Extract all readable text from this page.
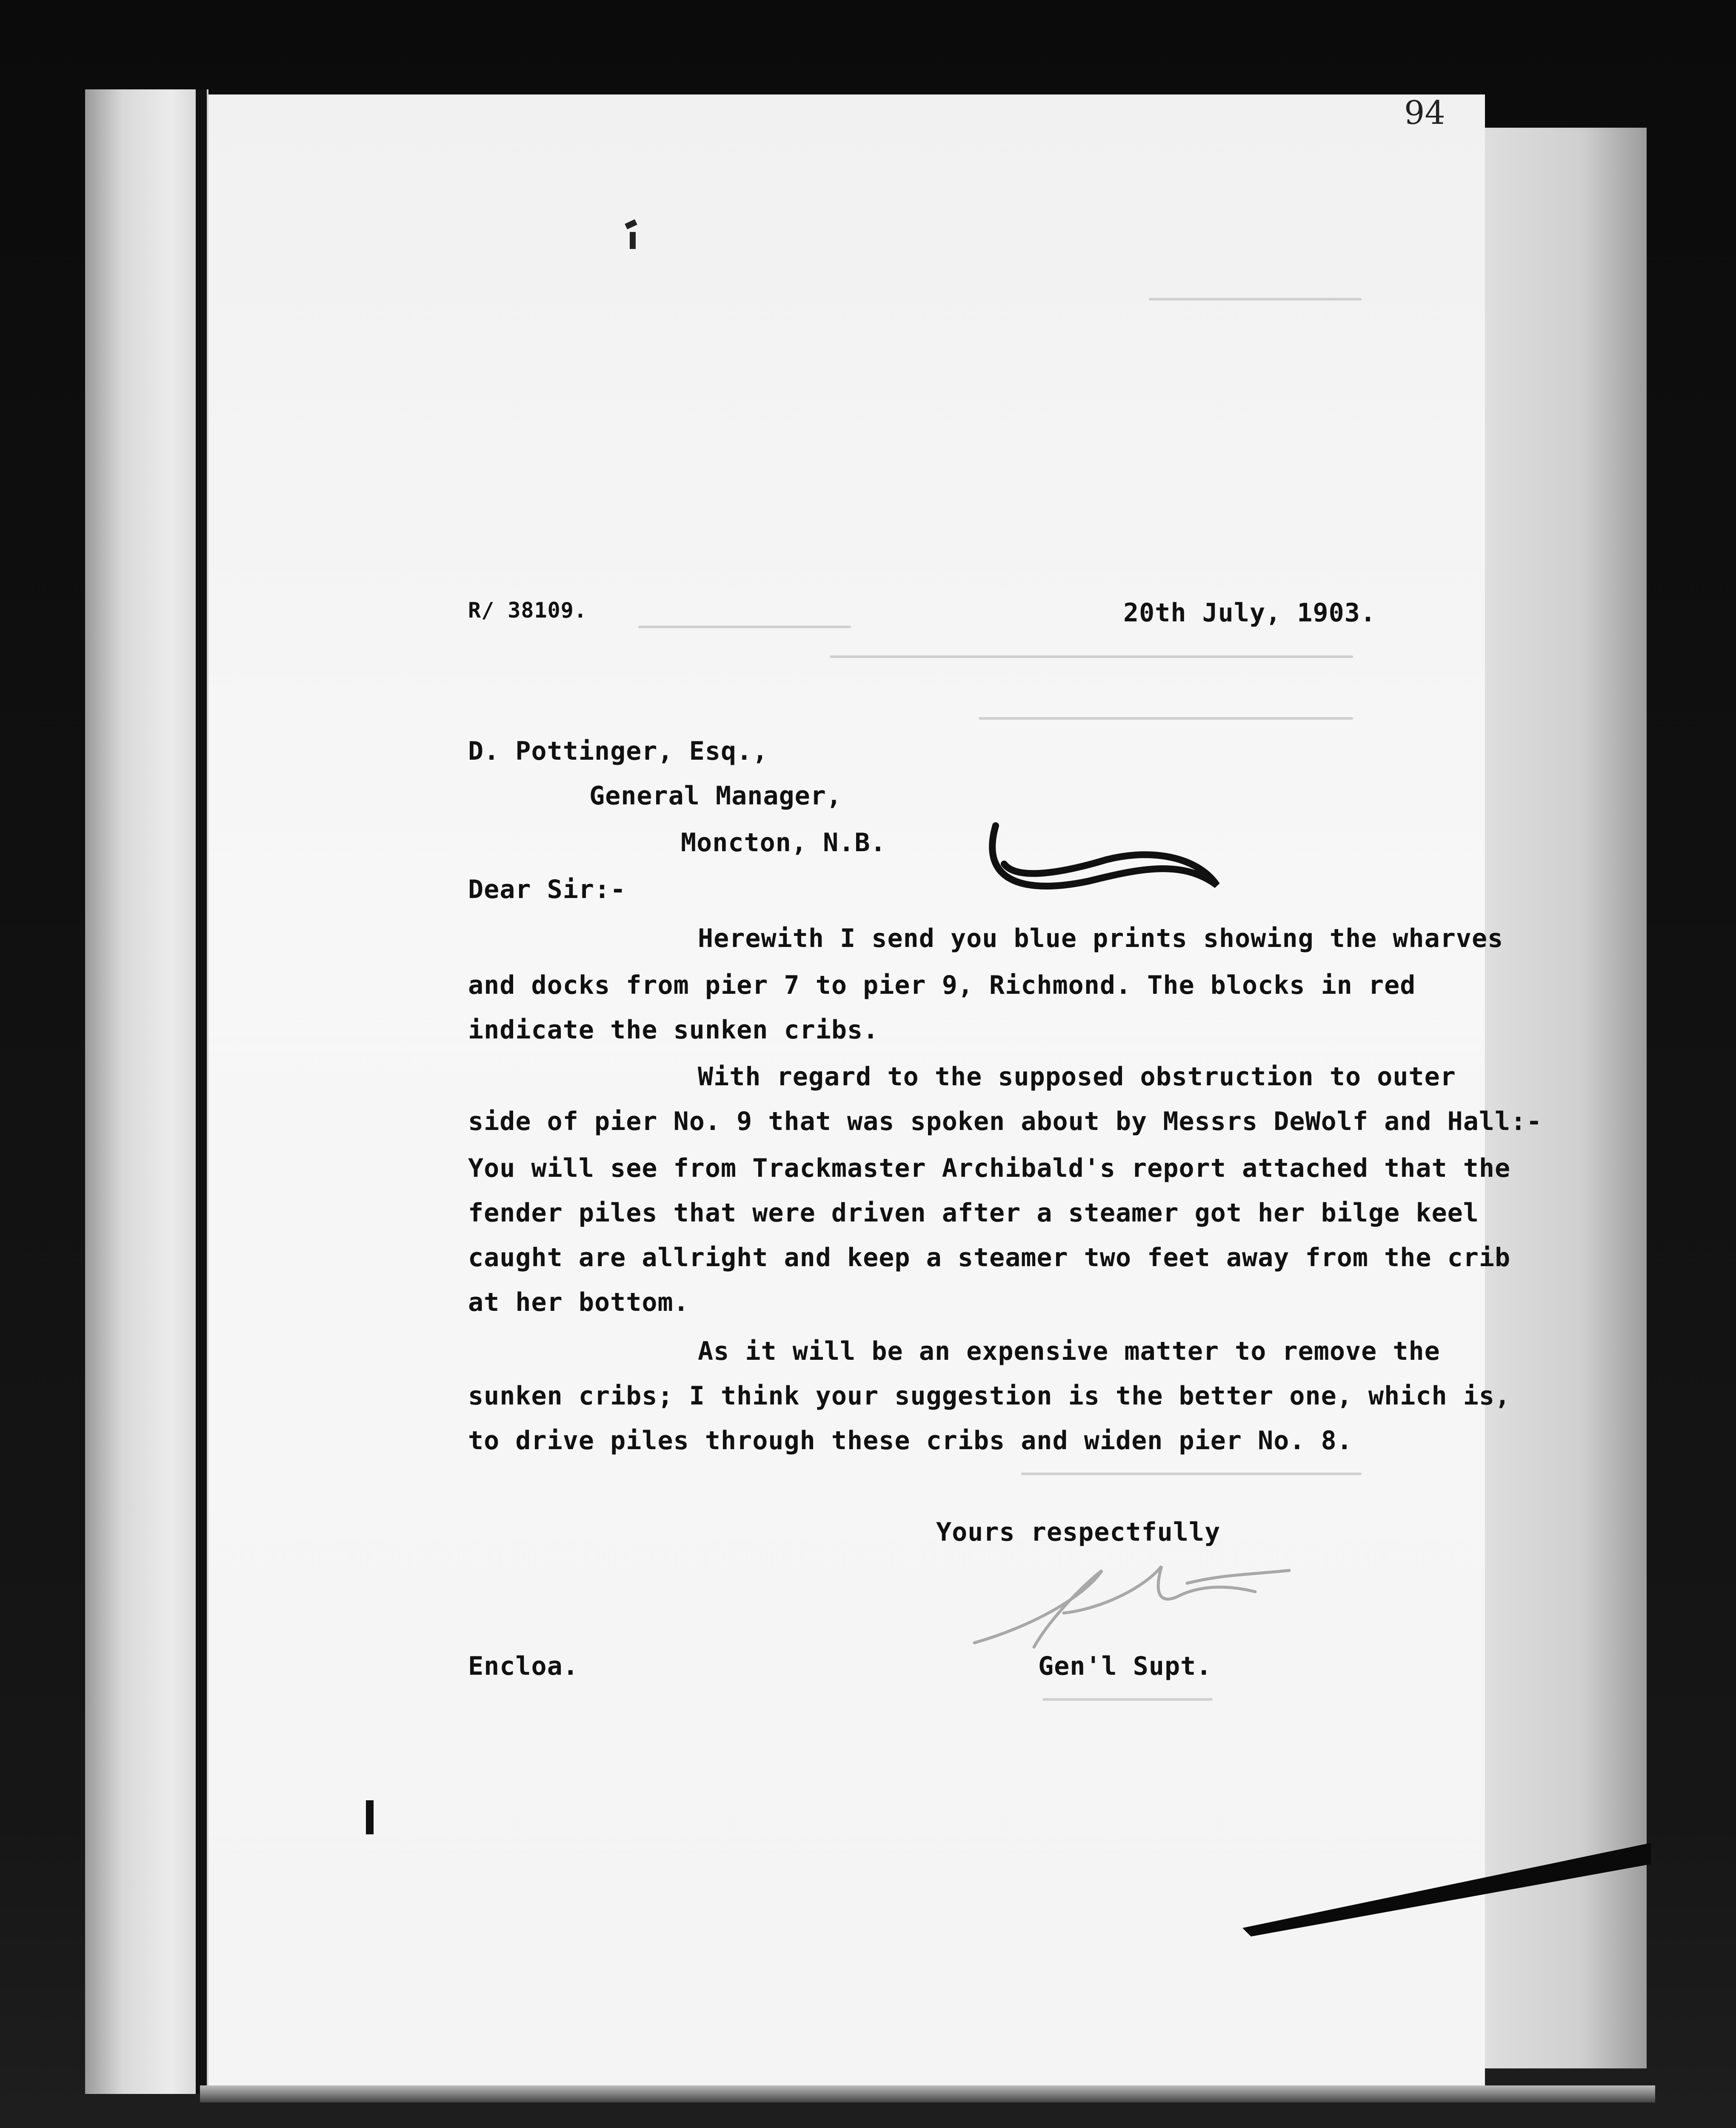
94
R/ 38109.	20th July, 1903.
D. Pottinger, Esq.,
General Manager,
Moncton, N.B.
Dear Sir:-
Herewith I send you blue prints showing the wharves
and docks from pier 7 to pier 9, Richmond. The blocks in red
indicate the sunken cribs.
With regard to the supposed obstruction to outer
side of pier No. 9 that was spoken about by Messrs DeWolf and Hall:-
You will see from Trackmaster Archibald's report attached that the
fender piles that were driven after a steamer got her bilge keel
caught are allright and keep a steamer two feet away from the crib
at her bottom.
As it will be an expensive matter to remove the
sunken cribs; I think your suggestion is the better one, which is,
to drive piles through these cribs and widen pier No. 8.
Yours respectfully
Encloa.	Gen'l Supt.
